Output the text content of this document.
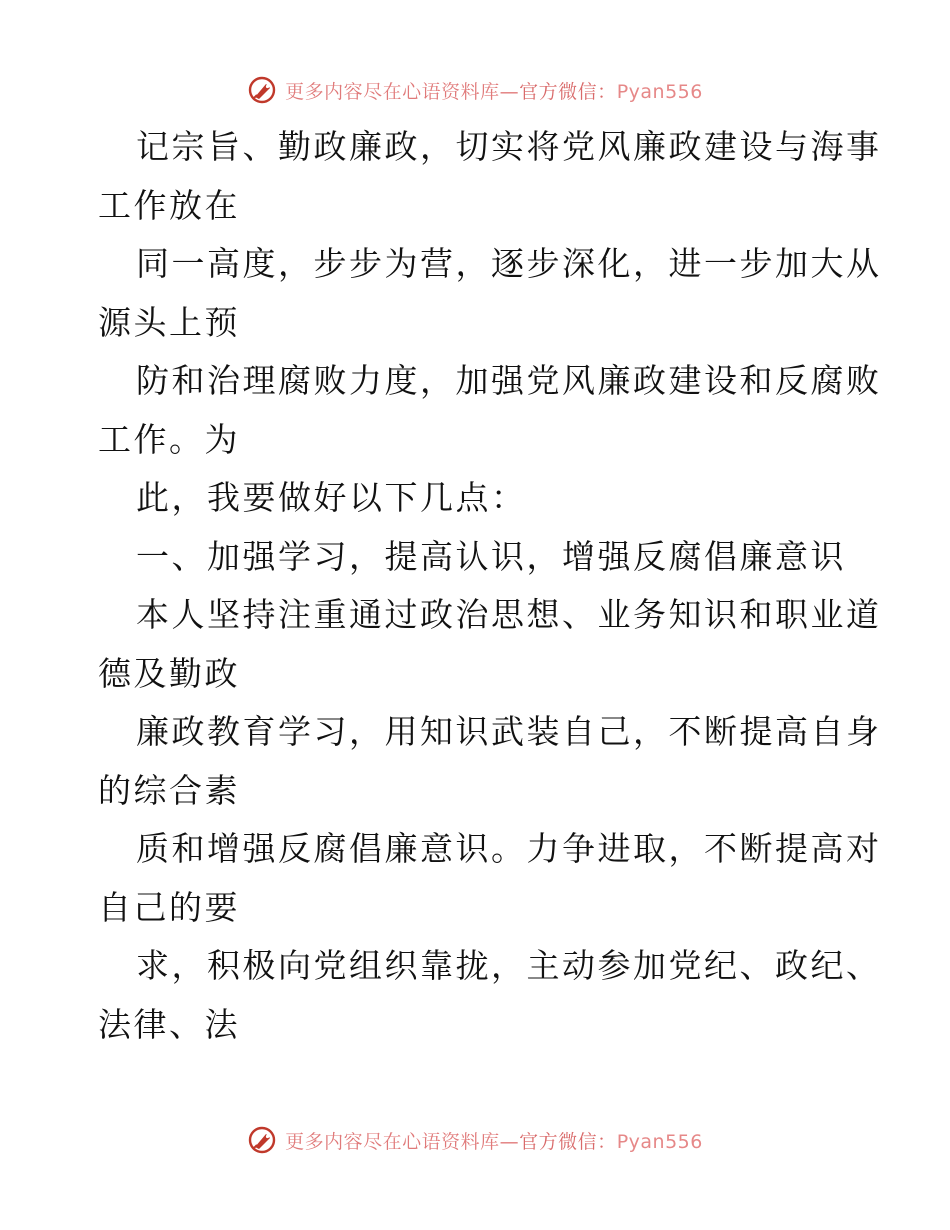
更多内容尽在心语资料库—官方微信：Pyan556
记宗旨、勤政廉政，切实将党风廉政建设与海事
工作放在
同一高度，步步为营，逐步深化，进一步加大从
源头上预
防和治理腐败力度，加强党风廉政建设和反腐败
工作。为
此，我要做好以下几点：
一、加强学习，提高认识，增强反腐倡廉意识
本人坚持注重通过政治思想、业务知识和职业道
德及勤政
廉政教育学习，用知识武装自己，不断提高自身
的综合素
质和增强反腐倡廉意识。力争进取，不断提高对
自己的要
求，积极向党组织靠拢，主动参加党纪、政纪、
法律、法
更多内容尽在心语资料库—官方微信：Pyan556
